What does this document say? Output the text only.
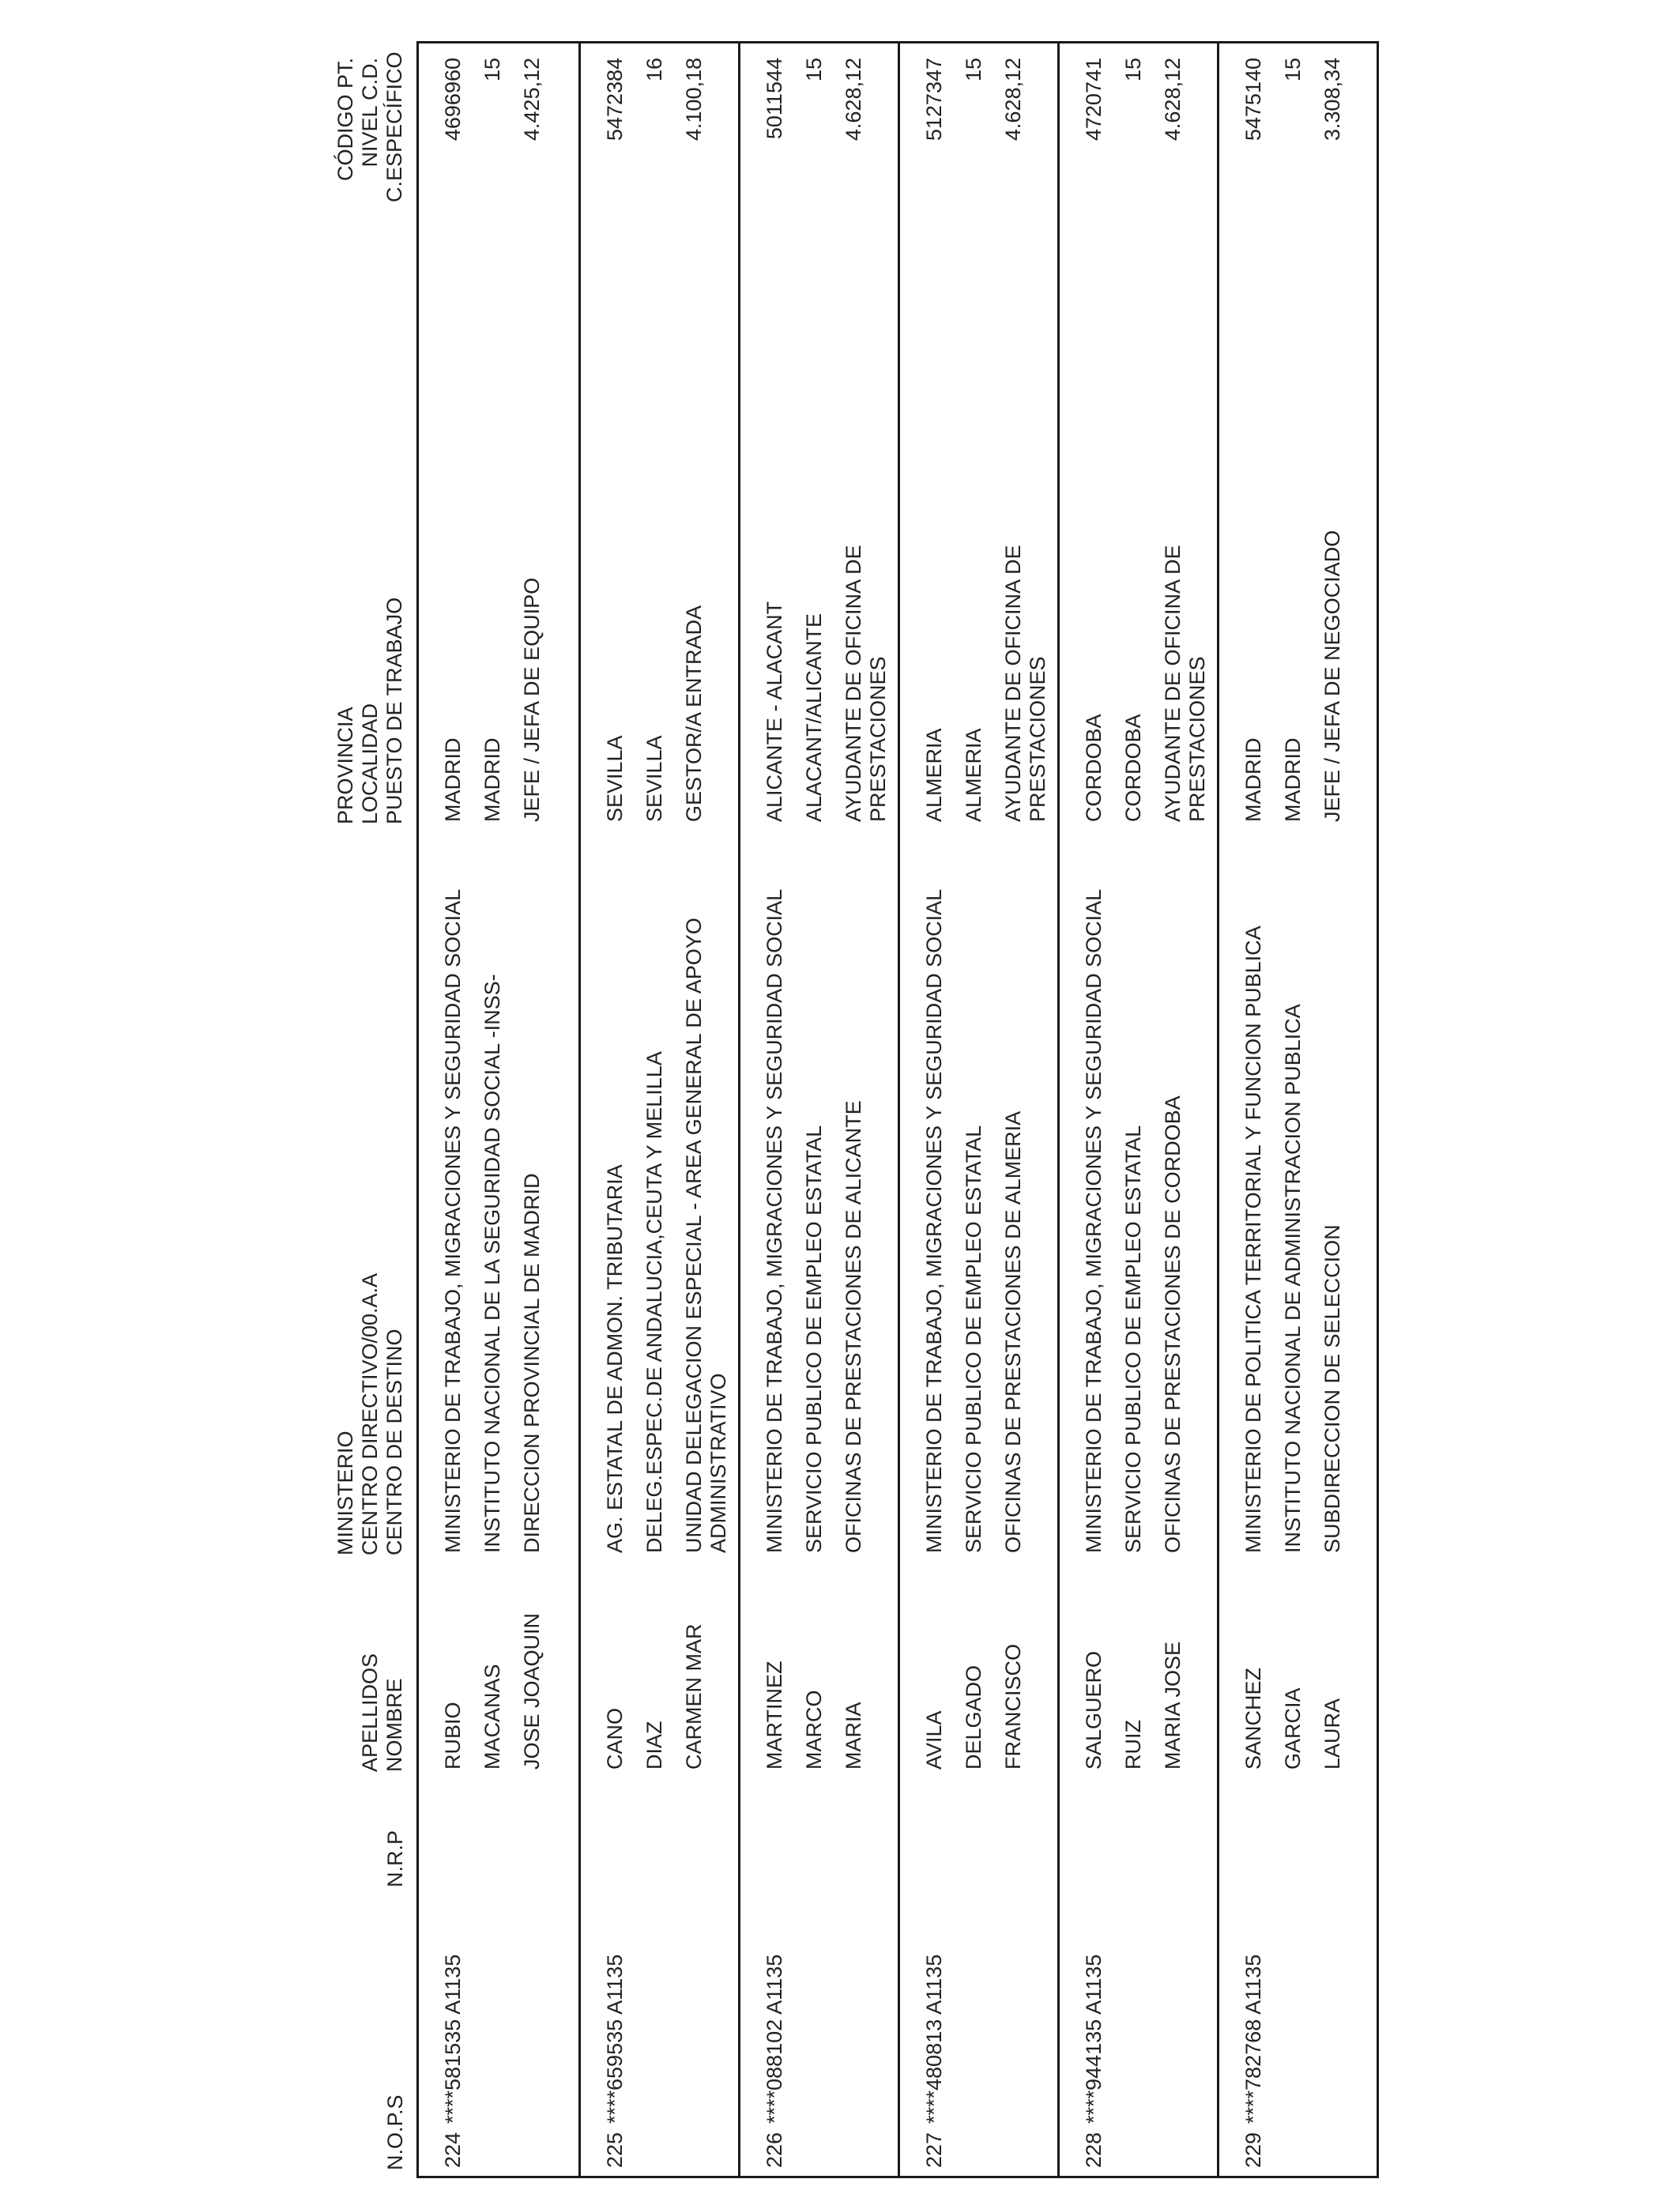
N.O.P.S
N.R.P
APELLIDOS NOMBRE
MINISTERIO CENTRO DIRECTIVO/00.A.A CENTRO DE DESTINO
PROVINCIA LOCALIDAD PUESTO DE TRABAJO
CÓDIGO PT. NIVEL C.D. C.ESPECÍFICO
224
****581535 A1135
RUBIO
MINISTERIO DE TRABAJO, MIGRACIONES Y SEGURIDAD SOCIAL
MADRID
4696960
MACANAS
INSTITUTO NACIONAL DE LA SEGURIDAD SOCIAL -INSS-
MADRID
15
JOSE JOAQUIN
DIRECCION PROVINCIAL DE MADRID
JEFE / JEFA DE EQUIPO
4.425,12
225
****659535 A1135
CANO
AG. ESTATAL DE ADMON. TRIBUTARIA
SEVILLA
5472384
DIAZ
DELEG.ESPEC.DE ANDALUCIA,CEUTA Y MELILLA
SEVILLA
16
CARMEN MAR
UNIDAD DELEGACION ESPECIAL - AREA GENERAL DE APOYO ADMINISTRATIVO
GESTOR/A ENTRADA
4.100,18
226
****088102 A1135
MARTINEZ
MINISTERIO DE TRABAJO, MIGRACIONES Y SEGURIDAD SOCIAL
ALICANTE - ALACANT
5011544
MARCO
SERVICIO PUBLICO DE EMPLEO ESTATAL
ALACANT/ALICANTE
15
MARIA
OFICINAS DE PRESTACIONES DE ALICANTE
AYUDANTE DE OFICINA DE PRESTACIONES
4.628,12
227
****480813 A1135
AVILA
MINISTERIO DE TRABAJO, MIGRACIONES Y SEGURIDAD SOCIAL
ALMERIA
5127347
DELGADO
SERVICIO PUBLICO DE EMPLEO ESTATAL
ALMERIA
15
FRANCISCO
OFICINAS DE PRESTACIONES DE ALMERIA
AYUDANTE DE OFICINA DE PRESTACIONES
4.628,12
228
****944135 A1135
SALGUERO
MINISTERIO DE TRABAJO, MIGRACIONES Y SEGURIDAD SOCIAL
CORDOBA
4720741
RUIZ
SERVICIO PUBLICO DE EMPLEO ESTATAL
CORDOBA
15
MARIA JOSE
OFICINAS DE PRESTACIONES DE CORDOBA
AYUDANTE DE OFICINA DE PRESTACIONES
4.628,12
229
****782768 A1135
SANCHEZ
MINISTERIO DE POLITICA TERRITORIAL Y FUNCION PUBLICA
MADRID
5475140
GARCIA
INSTITUTO NACIONAL DE ADMINISTRACION PUBLICA
MADRID
15
LAURA
SUBDIRECCION DE SELECCION
JEFE / JEFA DE NEGOCIADO
3.308,34
